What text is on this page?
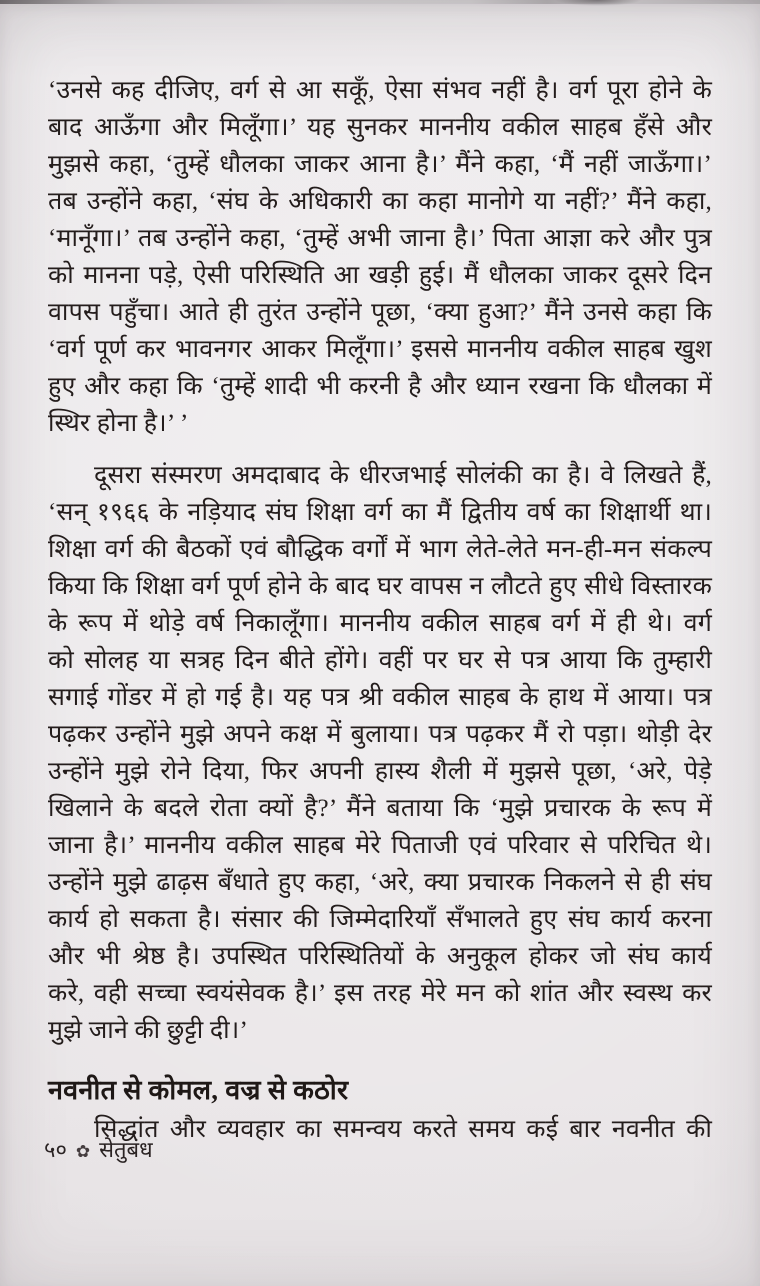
‘उनसे कह दीजिए, वर्ग से आ सकूँ, ऐसा संभव नहीं है। वर्ग पूरा होने के
बाद आऊँगा और मिलूँगा।’ यह सुनकर माननीय वकील साहब हँसे और
मुझसे कहा, ‘तुम्हें धौलका जाकर आना है।’ मैंने कहा, ‘मैं नहीं जाऊँगा।’
तब उन्होंने कहा, ‘संघ के अधिकारी का कहा मानोगे या नहीं?’ मैंने कहा,
‘मानूँगा।’ तब उन्होंने कहा, ‘तुम्हें अभी जाना है।’ पिता आज्ञा करे और पुत्र
को मानना पड़े, ऐसी परिस्थिति आ खड़ी हुई। मैं धौलका जाकर दूसरे दिन
वापस पहुँचा। आते ही तुरंत उन्होंने पूछा, ‘क्या हुआ?’ मैंने उनसे कहा कि
‘वर्ग पूर्ण कर भावनगर आकर मिलूँगा।’ इससे माननीय वकील साहब खुश
हुए और कहा कि ‘तुम्हें शादी भी करनी है और ध्यान रखना कि धौलका में
स्थिर होना है।’ ’
दूसरा संस्मरण अमदाबाद के धीरजभाई सोलंकी का है। वे लिखते हैं,
‘सन् १९६६ के नड़ियाद संघ शिक्षा वर्ग का मैं द्वितीय वर्ष का शिक्षार्थी था।
शिक्षा वर्ग की बैठकों एवं बौद्धिक वर्गों में भाग लेते-लेते मन-ही-मन संकल्प
किया कि शिक्षा वर्ग पूर्ण होने के बाद घर वापस न लौटते हुए सीधे विस्तारक
के रूप में थोड़े वर्ष निकालूँगा। माननीय वकील साहब वर्ग में ही थे। वर्ग
को सोलह या सत्रह दिन बीते होंगे। वहीं पर घर से पत्र आया कि तुम्हारी
सगाई गोंडर में हो गई है। यह पत्र श्री वकील साहब के हाथ में आया। पत्र
पढ़कर उन्होंने मुझे अपने कक्ष में बुलाया। पत्र पढ़कर मैं रो पड़ा। थोड़ी देर
उन्होंने मुझे रोने दिया, फिर अपनी हास्य शैली में मुझसे पूछा, ‘अरे, पेड़े
खिलाने के बदले रोता क्यों है?’ मैंने बताया कि ‘मुझे प्रचारक के रूप में
जाना है।’ माननीय वकील साहब मेरे पिताजी एवं परिवार से परिचित थे।
उन्होंने मुझे ढाढ़स बँधाते हुए कहा, ‘अरे, क्या प्रचारक निकलने से ही संघ
कार्य हो सकता है। संसार की जिम्मेदारियाँ सँभालते हुए संघ कार्य करना
और भी श्रेष्ठ है। उपस्थित परिस्थितियों के अनुकूल होकर जो संघ कार्य
करे, वही सच्चा स्वयंसेवक है।’ इस तरह मेरे मन को शांत और स्वस्थ कर
मुझे जाने की छुट्टी दी।’
नवनीत से कोमल, वज्र से कठोर
सिद्धांत और व्यवहार का समन्वय करते समय कई बार नवनीत की
५० ✿ सेतुबंध
